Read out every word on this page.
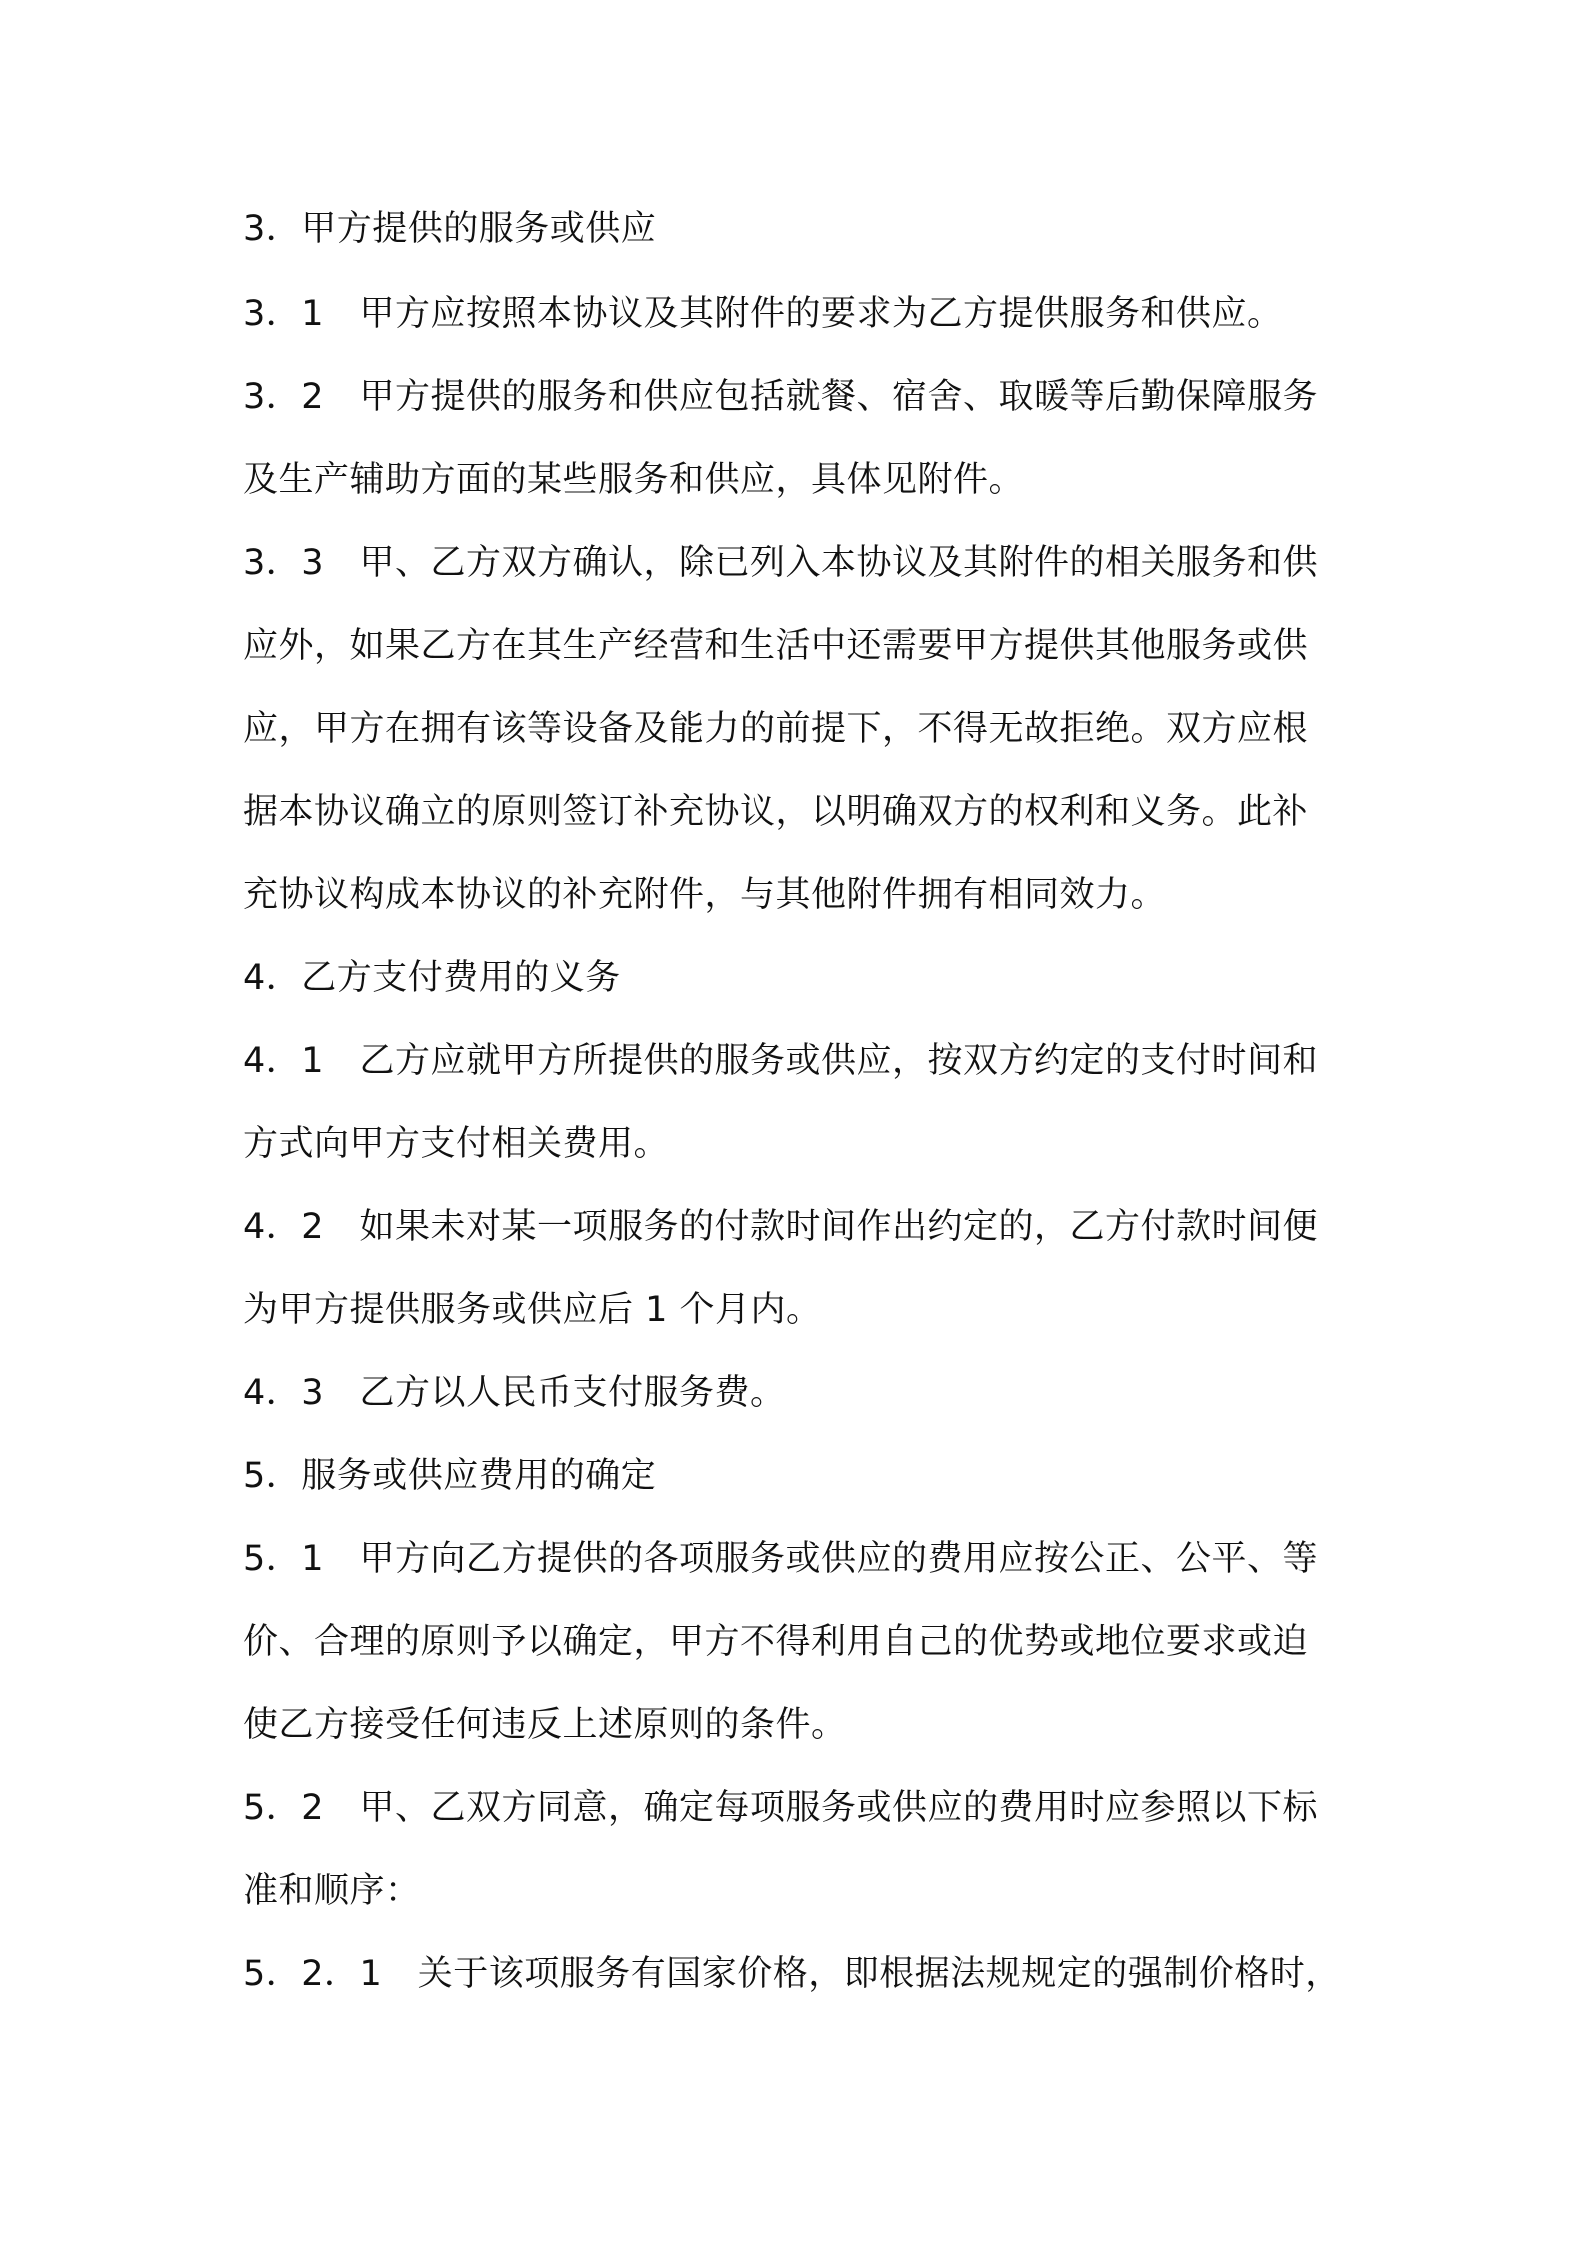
3．甲方提供的服务或供应
3．1　甲方应按照本协议及其附件的要求为乙方提供服务和供应。
3．2　甲方提供的服务和供应包括就餐、宿舍、取暖等后勤保障服务
及生产辅助方面的某些服务和供应，具体见附件。
3．3　甲、乙方双方确认，除已列入本协议及其附件的相关服务和供
应外，如果乙方在其生产经营和生活中还需要甲方提供其他服务或供
应，甲方在拥有该等设备及能力的前提下，不得无故拒绝。双方应根
据本协议确立的原则签订补充协议，以明确双方的权利和义务。此补
充协议构成本协议的补充附件，与其他附件拥有相同效力。
4．乙方支付费用的义务
4．1　乙方应就甲方所提供的服务或供应，按双方约定的支付时间和
方式向甲方支付相关费用。
4．2　如果未对某一项服务的付款时间作出约定的，乙方付款时间便
为甲方提供服务或供应后 1 个月内。
4．3　乙方以人民币支付服务费。
5．服务或供应费用的确定
5．1　甲方向乙方提供的各项服务或供应的费用应按公正、公平、等
价、合理的原则予以确定，甲方不得利用自己的优势或地位要求或迫
使乙方接受任何违反上述原则的条件。
5．2　甲、乙双方同意，确定每项服务或供应的费用时应参照以下标
准和顺序：
5．2．1　关于该项服务有国家价格，即根据法规规定的强制价格时，
